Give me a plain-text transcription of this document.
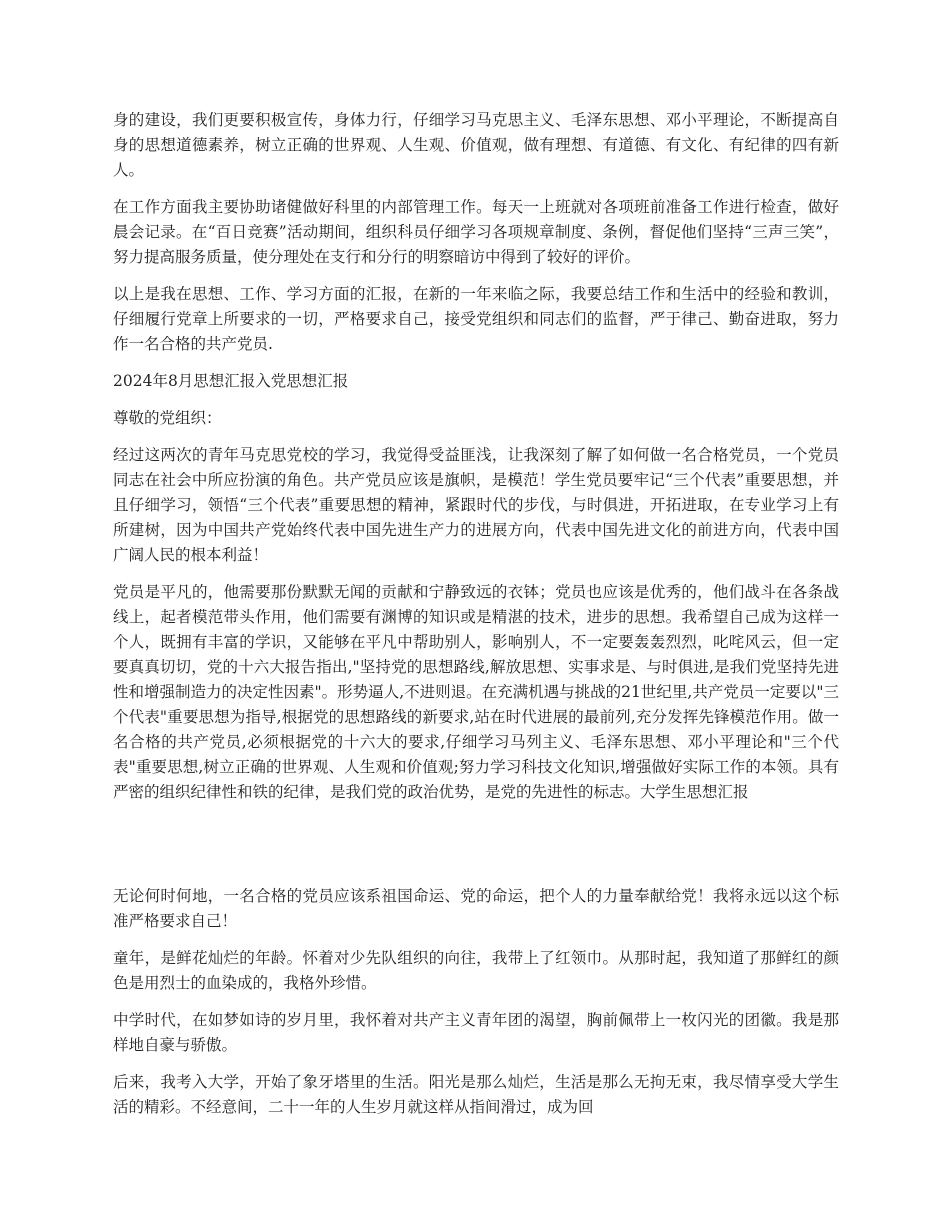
身的建设，我们更要积极宣传，身体力行，仔细学习马克思主义、毛泽东思想、邓小平理论，不断提高自身的思想道德素养，树立正确的世界观、人生观、价值观，做有理想、有道德、有文化、有纪律的四有新人。

在工作方面我主要协助诸健做好科里的内部管理工作。每天一上班就对各项班前准备工作进行检查，做好晨会记录。在“百日竞赛”活动期间，组织科员仔细学习各项规章制度、条例，督促他们坚持“三声三笑”，努力提高服务质量，使分理处在支行和分行的明察暗访中得到了较好的评价。

以上是我在思想、工作、学习方面的汇报，在新的一年来临之际，我要总结工作和生活中的经验和教训，仔细履行党章上所要求的一切，严格要求自己，接受党组织和同志们的监督，严于律己、勤奋进取，努力作一名合格的共产党员.

2024年8月思想汇报入党思想汇报

尊敬的党组织：

经过这两次的青年马克思党校的学习，我觉得受益匪浅，让我深刻了解了如何做一名合格党员，一个党员同志在社会中所应扮演的角色。共产党员应该是旗帜，是模范！学生党员要牢记“三个代表”重要思想，并且仔细学习，领悟“三个代表”重要思想的精神，紧跟时代的步伐，与时俱进，开拓进取，在专业学习上有所建树，因为中国共产党始终代表中国先进生产力的进展方向，代表中国先进文化的前进方向，代表中国广阔人民的根本利益！

党员是平凡的，他需要那份默默无闻的贡献和宁静致远的衣钵；党员也应该是优秀的，他们战斗在各条战线上，起者模范带头作用，他们需要有渊博的知识或是精湛的技术，进步的思想。我希望自己成为这样一个人，既拥有丰富的学识，又能够在平凡中帮助别人，影响别人，不一定要轰轰烈烈，叱咤风云，但一定要真真切切，党的十六大报告指出,"坚持党的思想路线,解放思想、实事求是、与时俱进,是我们党坚持先进性和增强制造力的决定性因素"。形势逼人,不进则退。在充满机遇与挑战的21世纪里,共产党员一定要以"三个代表"重要思想为指导,根据党的思想路线的新要求,站在时代进展的最前列,充分发挥先锋模范作用。做一名合格的共产党员,必须根据党的十六大的要求,仔细学习马列主义、毛泽东思想、邓小平理论和"三个代表"重要思想,树立正确的世界观、人生观和价值观;努力学习科技文化知识,增强做好实际工作的本领。具有严密的组织纪律性和铁的纪律，是我们党的政治优势，是党的先进性的标志。大学生思想汇报

无论何时何地，一名合格的党员应该系祖国命运、党的命运，把个人的力量奉献给党！我将永远以这个标准严格要求自己！

童年，是鲜花灿烂的年龄。怀着对少先队组织的向往，我带上了红领巾。从那时起，我知道了那鲜红的颜色是用烈士的血染成的，我格外珍惜。

中学时代，在如梦如诗的岁月里，我怀着对共产主义青年团的渴望，胸前佩带上一枚闪光的团徽。我是那样地自豪与骄傲。

后来，我考入大学，开始了象牙塔里的生活。阳光是那么灿烂，生活是那么无拘无束，我尽情享受大学生活的精彩。不经意间，二十一年的人生岁月就这样从指间滑过，成为回
